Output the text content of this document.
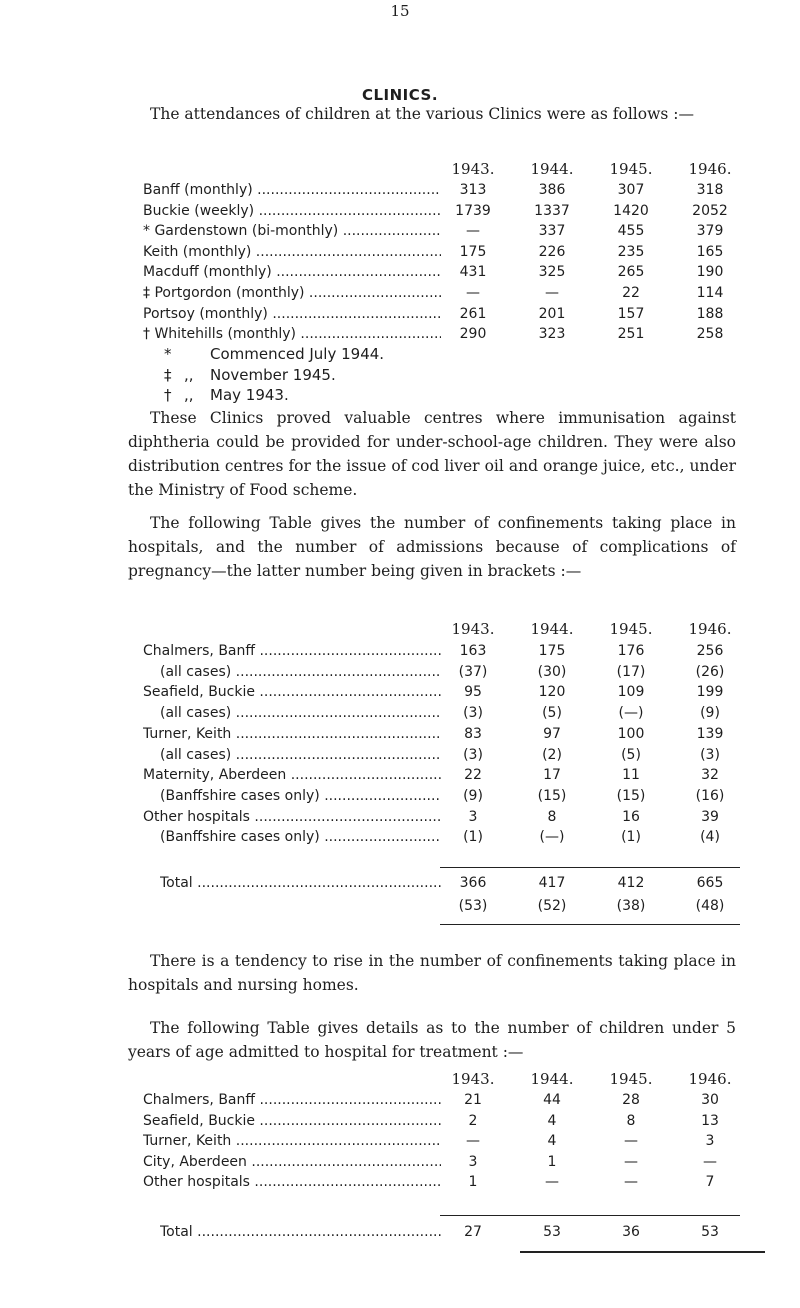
15
CLINICS.

The attendances of children at the various Clinics were as follows :—

1943.	1944.	1945.	1946.
Banff (monthly) .....	313	386	307	318
Buckie (weekly) .....	1739	1337	1420	2052
* Gardenstown (bi-monthly) .....	—	337	455	379
Keith (monthly) .....	175	226	235	165
Macduff (monthly) .....	431	325	265	190
‡ Portgordon (monthly) .....	—	—	22	114
Portsoy (monthly) .....	261	201	157	188
† Whitehills (monthly) .....	290	323	251	258
*	Commenced July 1944.
‡ ,, November 1945.
† ,, May 1943.

These Clinics proved valuable centres where immunisation against diphtheria could be provided for under-school-age children. They were also distribution centres for the issue of cod liver oil and orange juice, etc., under the Ministry of Food scheme.

The following Table gives the number of confinements taking place in hospitals, and the number of admissions because of complications of pregnancy—the latter number being given in brackets :—

1943.	1944.	1945.	1946.
Chalmers, Banff .....	163	175	176	256
(all cases) .....	(37)	(30)	(17)	(26)
Seafield, Buckie .....	95	120	109	199
(all cases) .....	(3)	(5)	(—)	(9)
Turner, Keith .....	83	97	100	139
(all cases) .....	(3)	(2)	(5)	(3)
Maternity, Aberdeen .....	22	17	11	32
(Banffshire cases only) .....	(9)	(15)	(15)	(16)
Other hospitals .....	3	8	16	39
(Banffshire cases only) .....	(1)	(—)	(1)	(4)
Total .....	366	417	412	665
(53)	(52)	(38)	(48)

There is a tendency to rise in the number of confinements taking place in hospitals and nursing homes.

The following Table gives details as to the number of children under 5 years of age admitted to hospital for treatment :—

1943.	1944.	1945.	1946.
Chalmers, Banff .....	21	44	28	30
Seafield, Buckie .....	2	4	8	13
Turner, Keith .....	—	4	—	3
City, Aberdeen .....	3	1	—	—
Other hospitals .....	1	—	—	7
Total .....	27	53	36	53
